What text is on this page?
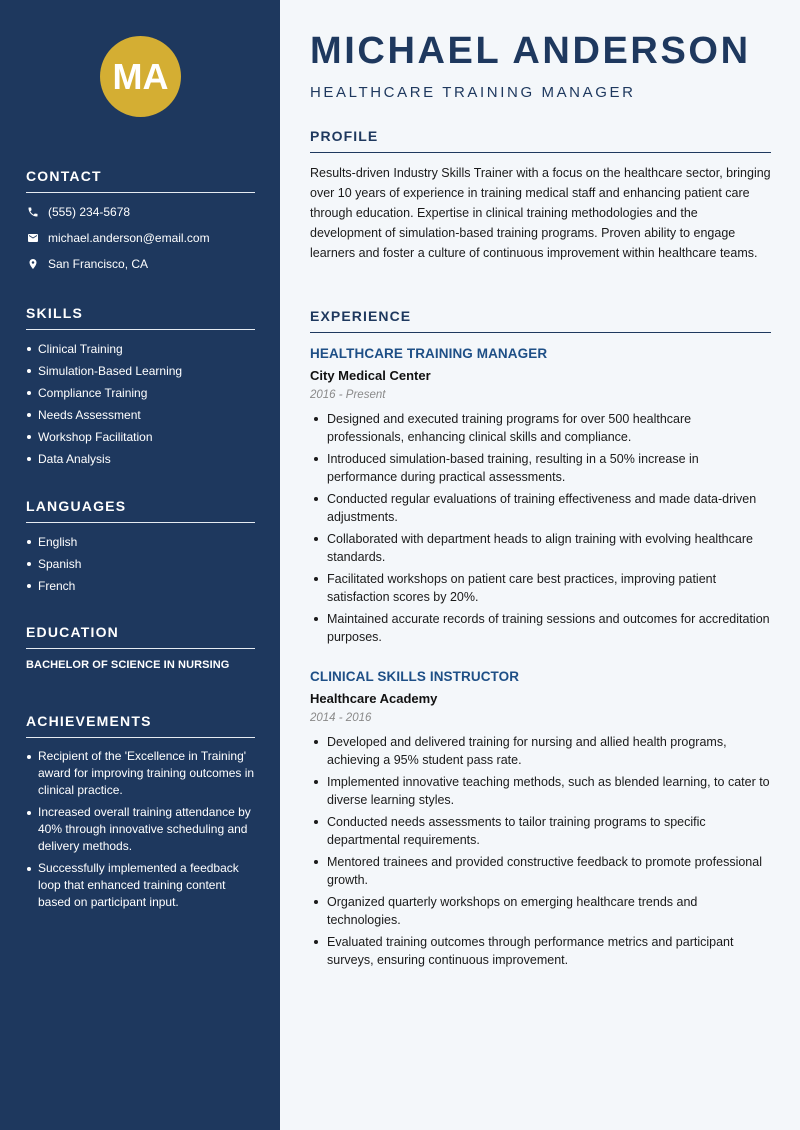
MA
CONTACT
(555) 234-5678
michael.anderson@email.com
San Francisco, CA
SKILLS
Clinical Training
Simulation-Based Learning
Compliance Training
Needs Assessment
Workshop Facilitation
Data Analysis
LANGUAGES
English
Spanish
French
EDUCATION
BACHELOR OF SCIENCE IN NURSING
ACHIEVEMENTS
Recipient of the 'Excellence in Training' award for improving training outcomes in clinical practice.
Increased overall training attendance by 40% through innovative scheduling and delivery methods.
Successfully implemented a feedback loop that enhanced training content based on participant input.
MICHAEL ANDERSON
HEALTHCARE TRAINING MANAGER
PROFILE
Results-driven Industry Skills Trainer with a focus on the healthcare sector, bringing over 10 years of experience in training medical staff and enhancing patient care through education. Expertise in clinical training methodologies and the development of simulation-based training programs. Proven ability to engage learners and foster a culture of continuous improvement within healthcare teams.
EXPERIENCE
HEALTHCARE TRAINING MANAGER
City Medical Center
2016 - Present
Designed and executed training programs for over 500 healthcare professionals, enhancing clinical skills and compliance.
Introduced simulation-based training, resulting in a 50% increase in performance during practical assessments.
Conducted regular evaluations of training effectiveness and made data-driven adjustments.
Collaborated with department heads to align training with evolving healthcare standards.
Facilitated workshops on patient care best practices, improving patient satisfaction scores by 20%.
Maintained accurate records of training sessions and outcomes for accreditation purposes.
CLINICAL SKILLS INSTRUCTOR
Healthcare Academy
2014 - 2016
Developed and delivered training for nursing and allied health programs, achieving a 95% student pass rate.
Implemented innovative teaching methods, such as blended learning, to cater to diverse learning styles.
Conducted needs assessments to tailor training programs to specific departmental requirements.
Mentored trainees and provided constructive feedback to promote professional growth.
Organized quarterly workshops on emerging healthcare trends and technologies.
Evaluated training outcomes through performance metrics and participant surveys, ensuring continuous improvement.
